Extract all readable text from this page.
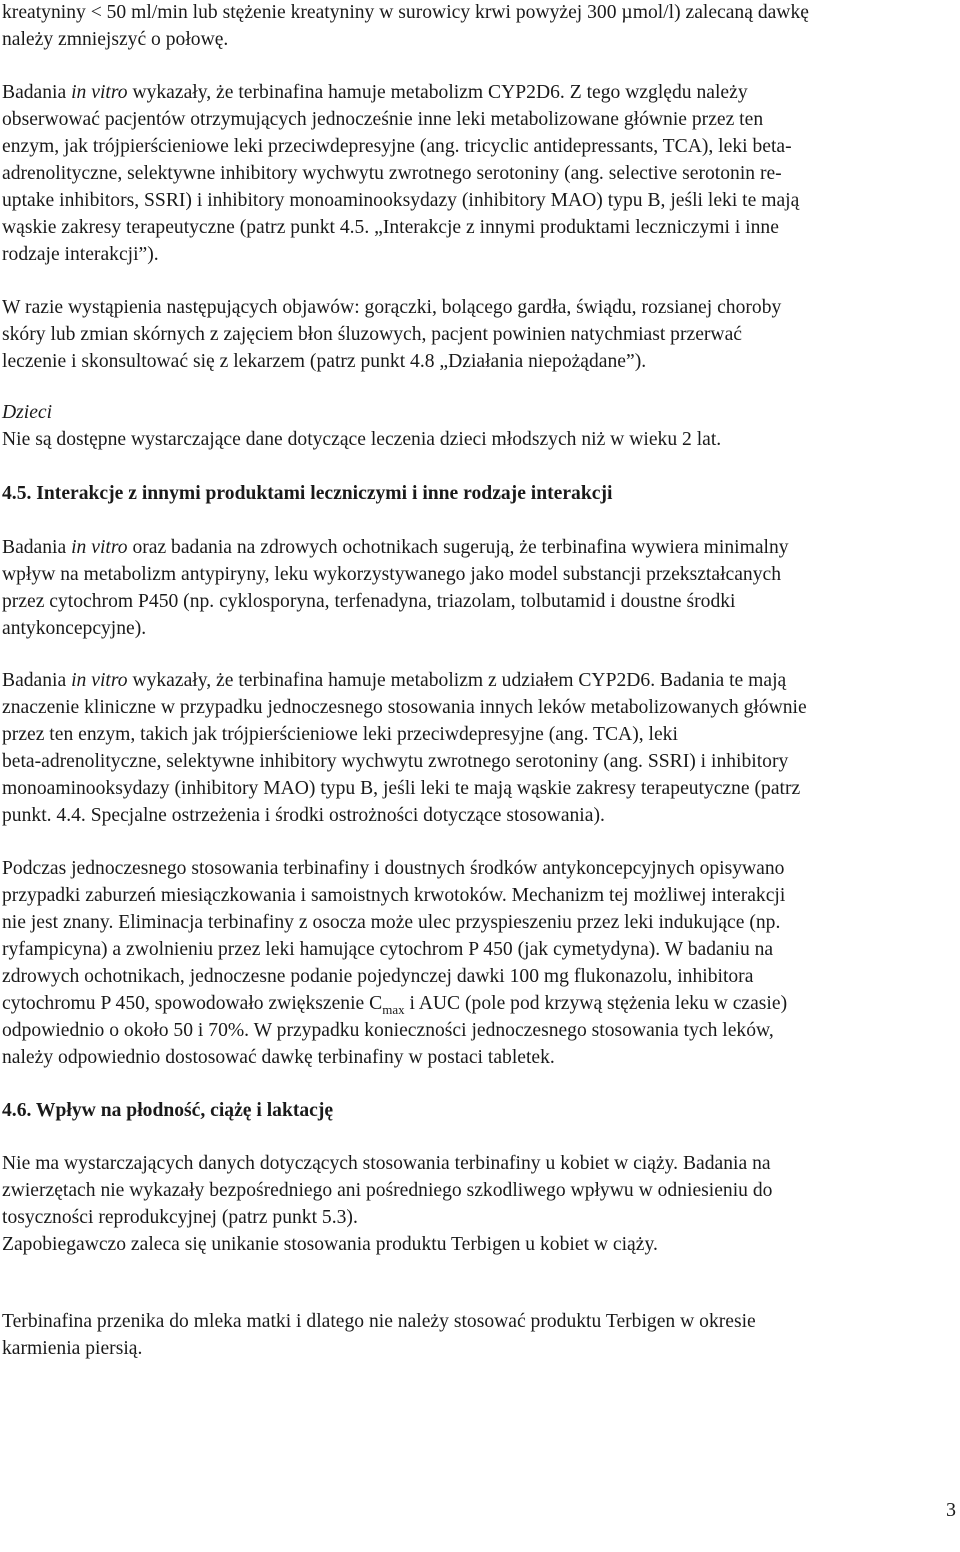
kreatyniny < 50 ml/min lub stężenie kreatyniny w surowicy krwi powyżej 300 µmol/l) zalecaną dawkę
należy zmniejszyć o połowę.
Badania in vitro wykazały, że terbinafina hamuje metabolizm CYP2D6. Z tego względu należy
obserwować pacjentów otrzymujących jednocześnie inne leki metabolizowane głównie przez ten
enzym, jak trójpierścieniowe leki przeciwdepresyjne (ang. tricyclic antidepressants, TCA), leki beta-
adrenolityczne, selektywne inhibitory wychwytu zwrotnego serotoniny (ang. selective serotonin re-
uptake inhibitors, SSRI) i inhibitory monoaminooksydazy (inhibitory MAO) typu B, jeśli leki te mają
wąskie zakresy terapeutyczne (patrz punkt 4.5. „Interakcje z innymi produktami leczniczymi i inne
rodzaje interakcji”).
W razie wystąpienia następujących objawów: gorączki, bolącego gardła, świądu, rozsianej choroby
skóry lub zmian skórnych z zajęciem błon śluzowych, pacjent powinien natychmiast przerwać
leczenie i skonsultować się z lekarzem (patrz punkt 4.8 „Działania niepożądane”).
Dzieci
Nie są dostępne wystarczające dane dotyczące leczenia dzieci młodszych niż w wieku 2 lat.
4.5. Interakcje z innymi produktami leczniczymi i inne rodzaje interakcji
Badania in vitro oraz badania na zdrowych ochotnikach sugerują, że terbinafina wywiera minimalny
wpływ na metabolizm antypiryny, leku wykorzystywanego jako model substancji przekształcanych
przez cytochrom P450 (np. cyklosporyna, terfenadyna, triazolam, tolbutamid i doustne środki
antykoncepcyjne).
Badania in vitro wykazały, że terbinafina hamuje metabolizm z udziałem CYP2D6. Badania te mają
znaczenie kliniczne w przypadku jednoczesnego stosowania innych leków metabolizowanych głównie
przez ten enzym, takich jak trójpierścieniowe leki przeciwdepresyjne (ang. TCA), leki
beta-adrenolityczne, selektywne inhibitory wychwytu zwrotnego serotoniny (ang. SSRI) i inhibitory
monoaminooksydazy (inhibitory MAO) typu B, jeśli leki te mają wąskie zakresy terapeutyczne (patrz
punkt. 4.4. Specjalne ostrzeżenia i środki ostrożności dotyczące stosowania).
Podczas jednoczesnego stosowania terbinafiny i doustnych środków antykoncepcyjnych opisywano
przypadki zaburzeń miesiączkowania i samoistnych krwotoków. Mechanizm tej możliwej interakcji
nie jest znany. Eliminacja terbinafiny z osocza może ulec przyspieszeniu przez leki indukujące (np.
ryfampicyna) a zwolnieniu przez leki hamujące cytochrom P 450 (jak cymetydyna). W badaniu na
zdrowych ochotnikach, jednoczesne podanie pojedynczej dawki 100 mg flukonazolu, inhibitora
cytochromu P 450, spowodowało zwiększenie $C_{max}$ i AUC (pole pod krzywą stężenia leku w czasie)
odpowiednio o około 50 i 70%. W przypadku konieczności jednoczesnego stosowania tych leków,
należy odpowiednio dostosować dawkę terbinafiny w postaci tabletek.
4.6. Wpływ na płodność, ciążę i laktację
Nie ma wystarczających danych dotyczących stosowania terbinafiny u kobiet w ciąży. Badania na
zwierzętach nie wykazały bezpośredniego ani pośredniego szkodliwego wpływu w odniesieniu do
tosyczności reprodukcyjnej (patrz punkt 5.3).
Zapobiegawczo zaleca się unikanie stosowania produktu Terbigen u kobiet w ciąży.
Terbinafina przenika do mleka matki i dlatego nie należy stosować produktu Terbigen w okresie
karmienia piersią.
3
